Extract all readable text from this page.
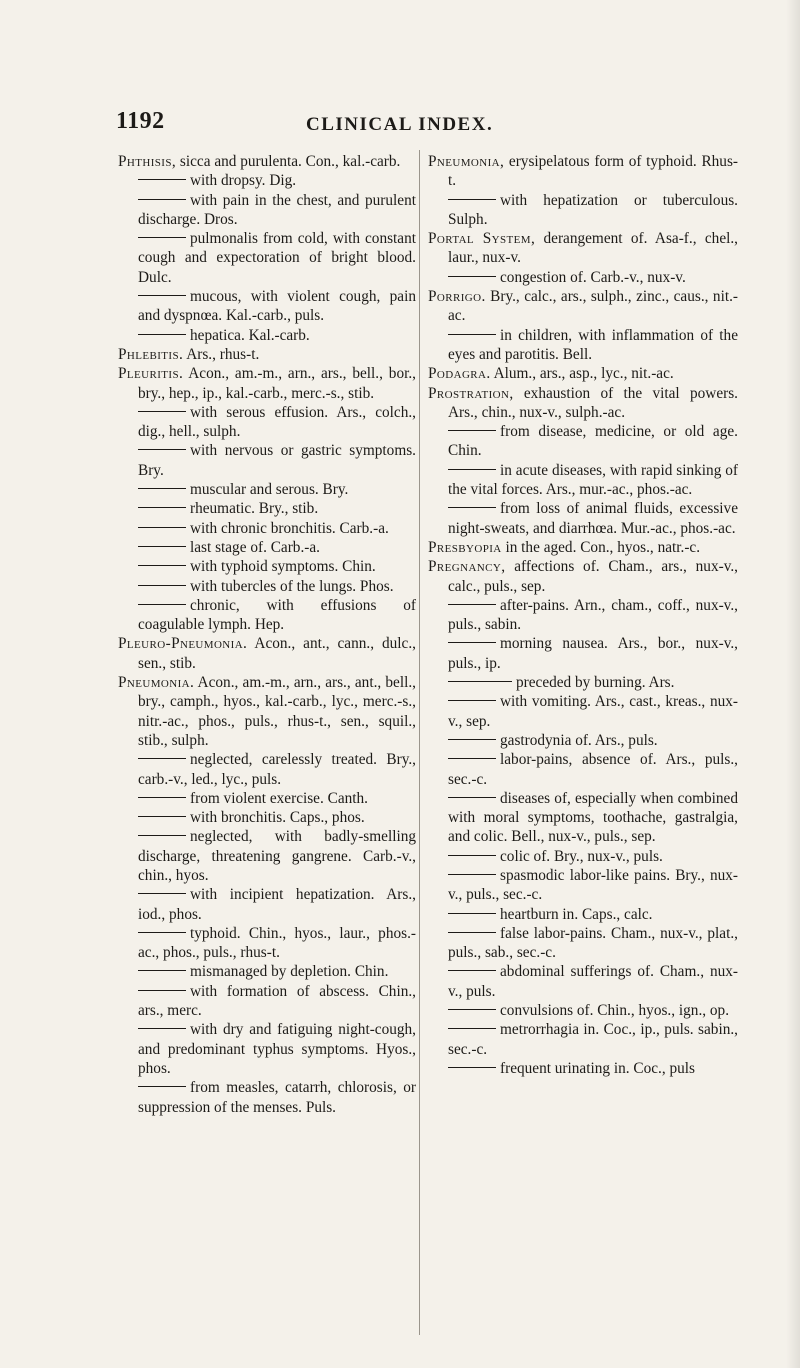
1192	CLINICAL INDEX.

Phthisis, sicca and purulenta. Con., kal.-carb.

with dropsy. Dig.

with pain in the chest, and purulent discharge. Dros.

pulmonalis from cold, with constant cough and expectoration of bright blood. Dulc.

mucous, with violent cough, pain and dyspnœa. Kal.-carb., puls.

hepatica. Kal.-carb.

Phlebitis. Ars., rhus-t.

Pleuritis. Acon., am.-m., arn., ars., bell., bor., bry., hep., ip., kal.-carb., merc.-s., stib.

with serous effusion. Ars., colch., dig., hell., sulph.

with nervous or gastric symptoms. Bry.

muscular and serous. Bry.

rheumatic. Bry., stib.

with chronic bronchitis. Carb.-a.

last stage of. Carb.-a.

with typhoid symptoms. Chin.

with tubercles of the lungs. Phos.

chronic, with effusions of coagulable lymph. Hep.

Pleuro-Pneumonia. Acon., ant., cann., dulc., sen., stib.

Pneumonia. Acon., am.-m., arn., ars., ant., bell., bry., camph., hyos., kal.-carb., lyc., merc.-s., nitr.-ac., phos., puls., rhus-t., sen., squil., stib., sulph.

neglected, carelessly treated. Bry., carb.-v., led., lyc., puls.

from violent exercise. Canth.

with bronchitis. Caps., phos.

neglected, with badly-smelling discharge, threatening gangrene. Carb.-v., chin., hyos.

with incipient hepatization. Ars., iod., phos.

typhoid. Chin., hyos., laur., phos.-ac., phos., puls., rhus-t.

mismanaged by depletion. Chin.

with formation of abscess. Chin., ars., merc.

with dry and fatiguing night-cough, and predominant typhus symptoms. Hyos., phos.

from measles, catarrh, chlorosis, or suppression of the menses. Puls.

Pneumonia, erysipelatous form of typhoid. Rhus-t.

with hepatization or tuberculous. Sulph.

Portal System, derangement of. Asa-f., chel., laur., nux-v.

congestion of. Carb.-v., nux-v.

Porrigo. Bry., calc., ars., sulph., zinc., caus., nit.-ac.

in children, with inflammation of the eyes and parotitis. Bell.

Podagra. Alum., ars., asp., lyc., nit.-ac.

Prostration, exhaustion of the vital powers. Ars., chin., nux-v., sulph.-ac.

from disease, medicine, or old age. Chin.

in acute diseases, with rapid sinking of the vital forces. Ars., mur.-ac., phos.-ac.

from loss of animal fluids, excessive night-sweats, and diarrhœa. Mur.-ac., phos.-ac.

Presbyopia in the aged. Con., hyos., natr.-c.

Pregnancy, affections of. Cham., ars., nux-v., calc., puls., sep.

after-pains. Arn., cham., coff., nux-v., puls., sabin.

morning nausea. Ars., bor., nux-v., puls., ip.

preceded by burning. Ars.

with vomiting. Ars., cast., kreas., nux-v., sep.

gastrodynia of. Ars., puls.

labor-pains, absence of. Ars., puls., sec.-c.

diseases of, especially when combined with moral symptoms, toothache, gastralgia, and colic. Bell., nux-v., puls., sep.

colic of. Bry., nux-v., puls.

spasmodic labor-like pains. Bry., nux-v., puls., sec.-c.

heartburn in. Caps., calc.

false labor-pains. Cham., nux-v., plat., puls., sab., sec.-c.

abdominal sufferings of. Cham., nux-v., puls.

convulsions of. Chin., hyos., ign., op.

metrorrhagia in. Coc., ip., puls. sabin., sec.-c.

frequent urinating in. Coc., puls
